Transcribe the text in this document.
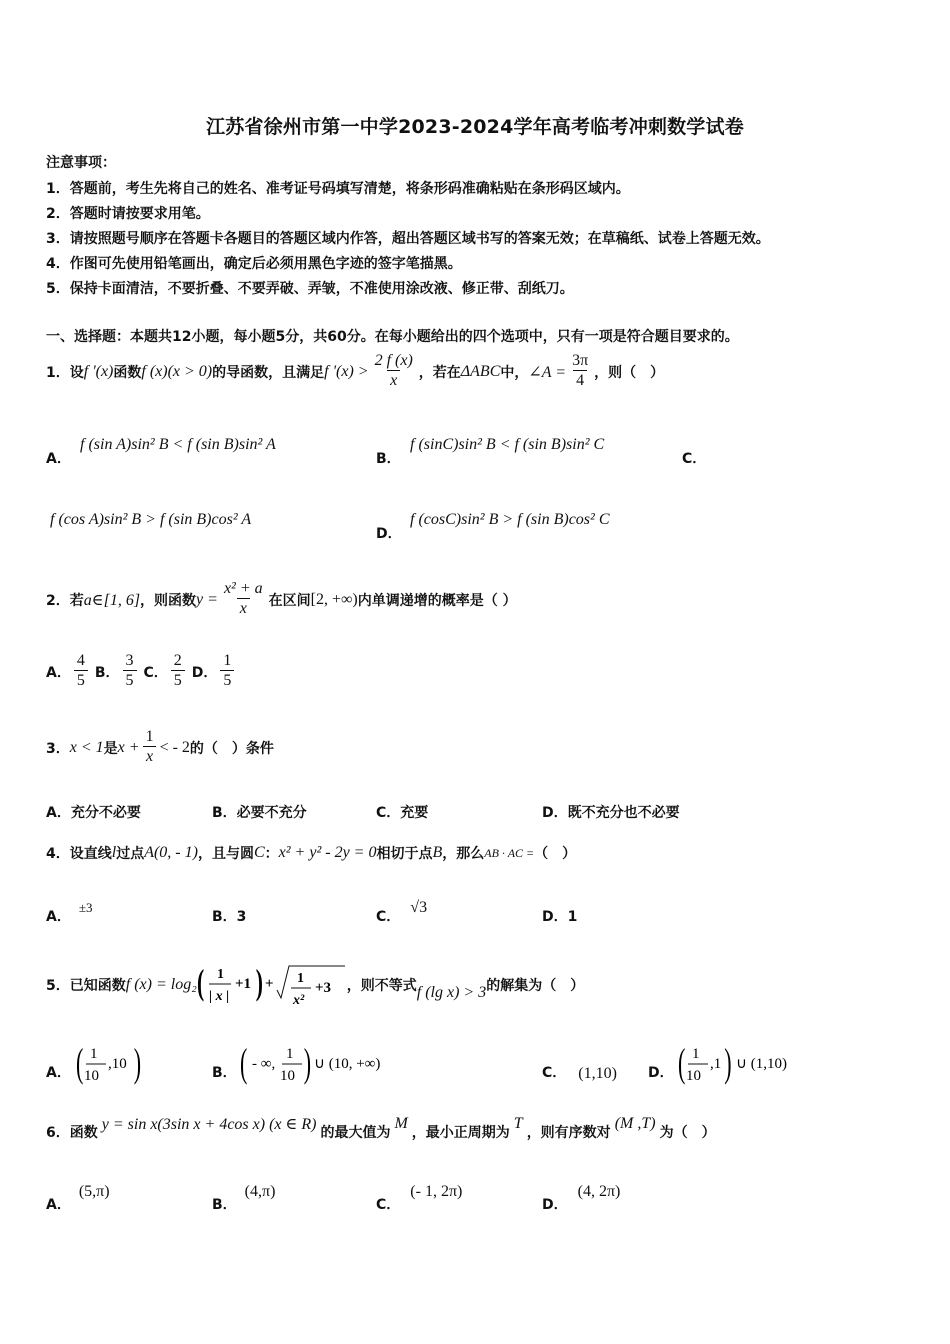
江苏省徐州市第一中学2023-2024学年高考临考冲刺数学试卷
注意事项：
1．答题前，考生先将自己的姓名、准考证号码填写清楚，将条形码准确粘贴在条形码区域内。
2．答题时请按要求用笔。
3．请按照题号顺序在答题卡各题目的答题区域内作答，超出答题区域书写的答案无效；在草稿纸、试卷上答题无效。
4．作图可先使用铅笔画出，确定后必须用黑色字迹的签字笔描黑。
5．保持卡面清洁，不要折叠、不要弄破、弄皱，不准使用涂改液、修正带、刮纸刀。
一、选择题：本题共12小题，每小题5分，共60分。在每小题给出的四个选项中，只有一项是符合题目要求的。
1．设 f '(x) 函数 f (x)(x > 0) 的导函数，且满足 f '$(x) > \frac{2 f (x)}{x}$ ，若在 ΔABC 中， ∠A = $\frac{3\pi}{4}$ ，则（　）
A．
f (sin A)sin² B < f (sin B)sin² A
B．
f (sinC)sin² B < f (sin B)sin² C
C．
f (cos A)sin² B > f (sin B)cos² A
D．
f (cosC)sin² B > f (sin B)cos² C
2．若 a∈[1, 6] ，则函数 $y = \frac{\text{x² + a}}{x}$ 在区间 [2, +∞) 内单调递增的概率是（ ）
A． $\frac{4}{5}$ B． $\frac{3}{5}$ C． $\frac{2}{5}$ D． $\frac{1}{5}$
3． x < 1 是 $x + \frac{1}{x}$ < - 2 的（　）条件
A．充分不必要	B．必要不充分	C．充要	D．既不充分也不必要
4．设直线 l 过点 A(0, - 1) ，且与圆 C ： x² + y² - 2y = 0 相切于点 B ，那么 AB · AC = （　）
A．
±3
B．3	C．
√3
D．1
5．已知函数 f (x) = log₂ ( 1
| x |
+1 ) + 1
x²
+3 ，则不等式 f (lg x) > 3 的解集为（　）
A． ( 1
10
,10 )	B． ( - ∞,
1
10 ) ∪ (10, +∞)
C． (1,10) D． ( 1
10
,1 ) ∪ (1,10)
6．函数 y = sin x(3sin x + 4cos x) (x ∈ R) 的最大值为
M
，最小正周期为
T
，则有序数对
(M ,T)
为（　）
A．
(5,π)
B．
(4,π)
C．
(- 1, 2π)
D．
(4, 2π)
